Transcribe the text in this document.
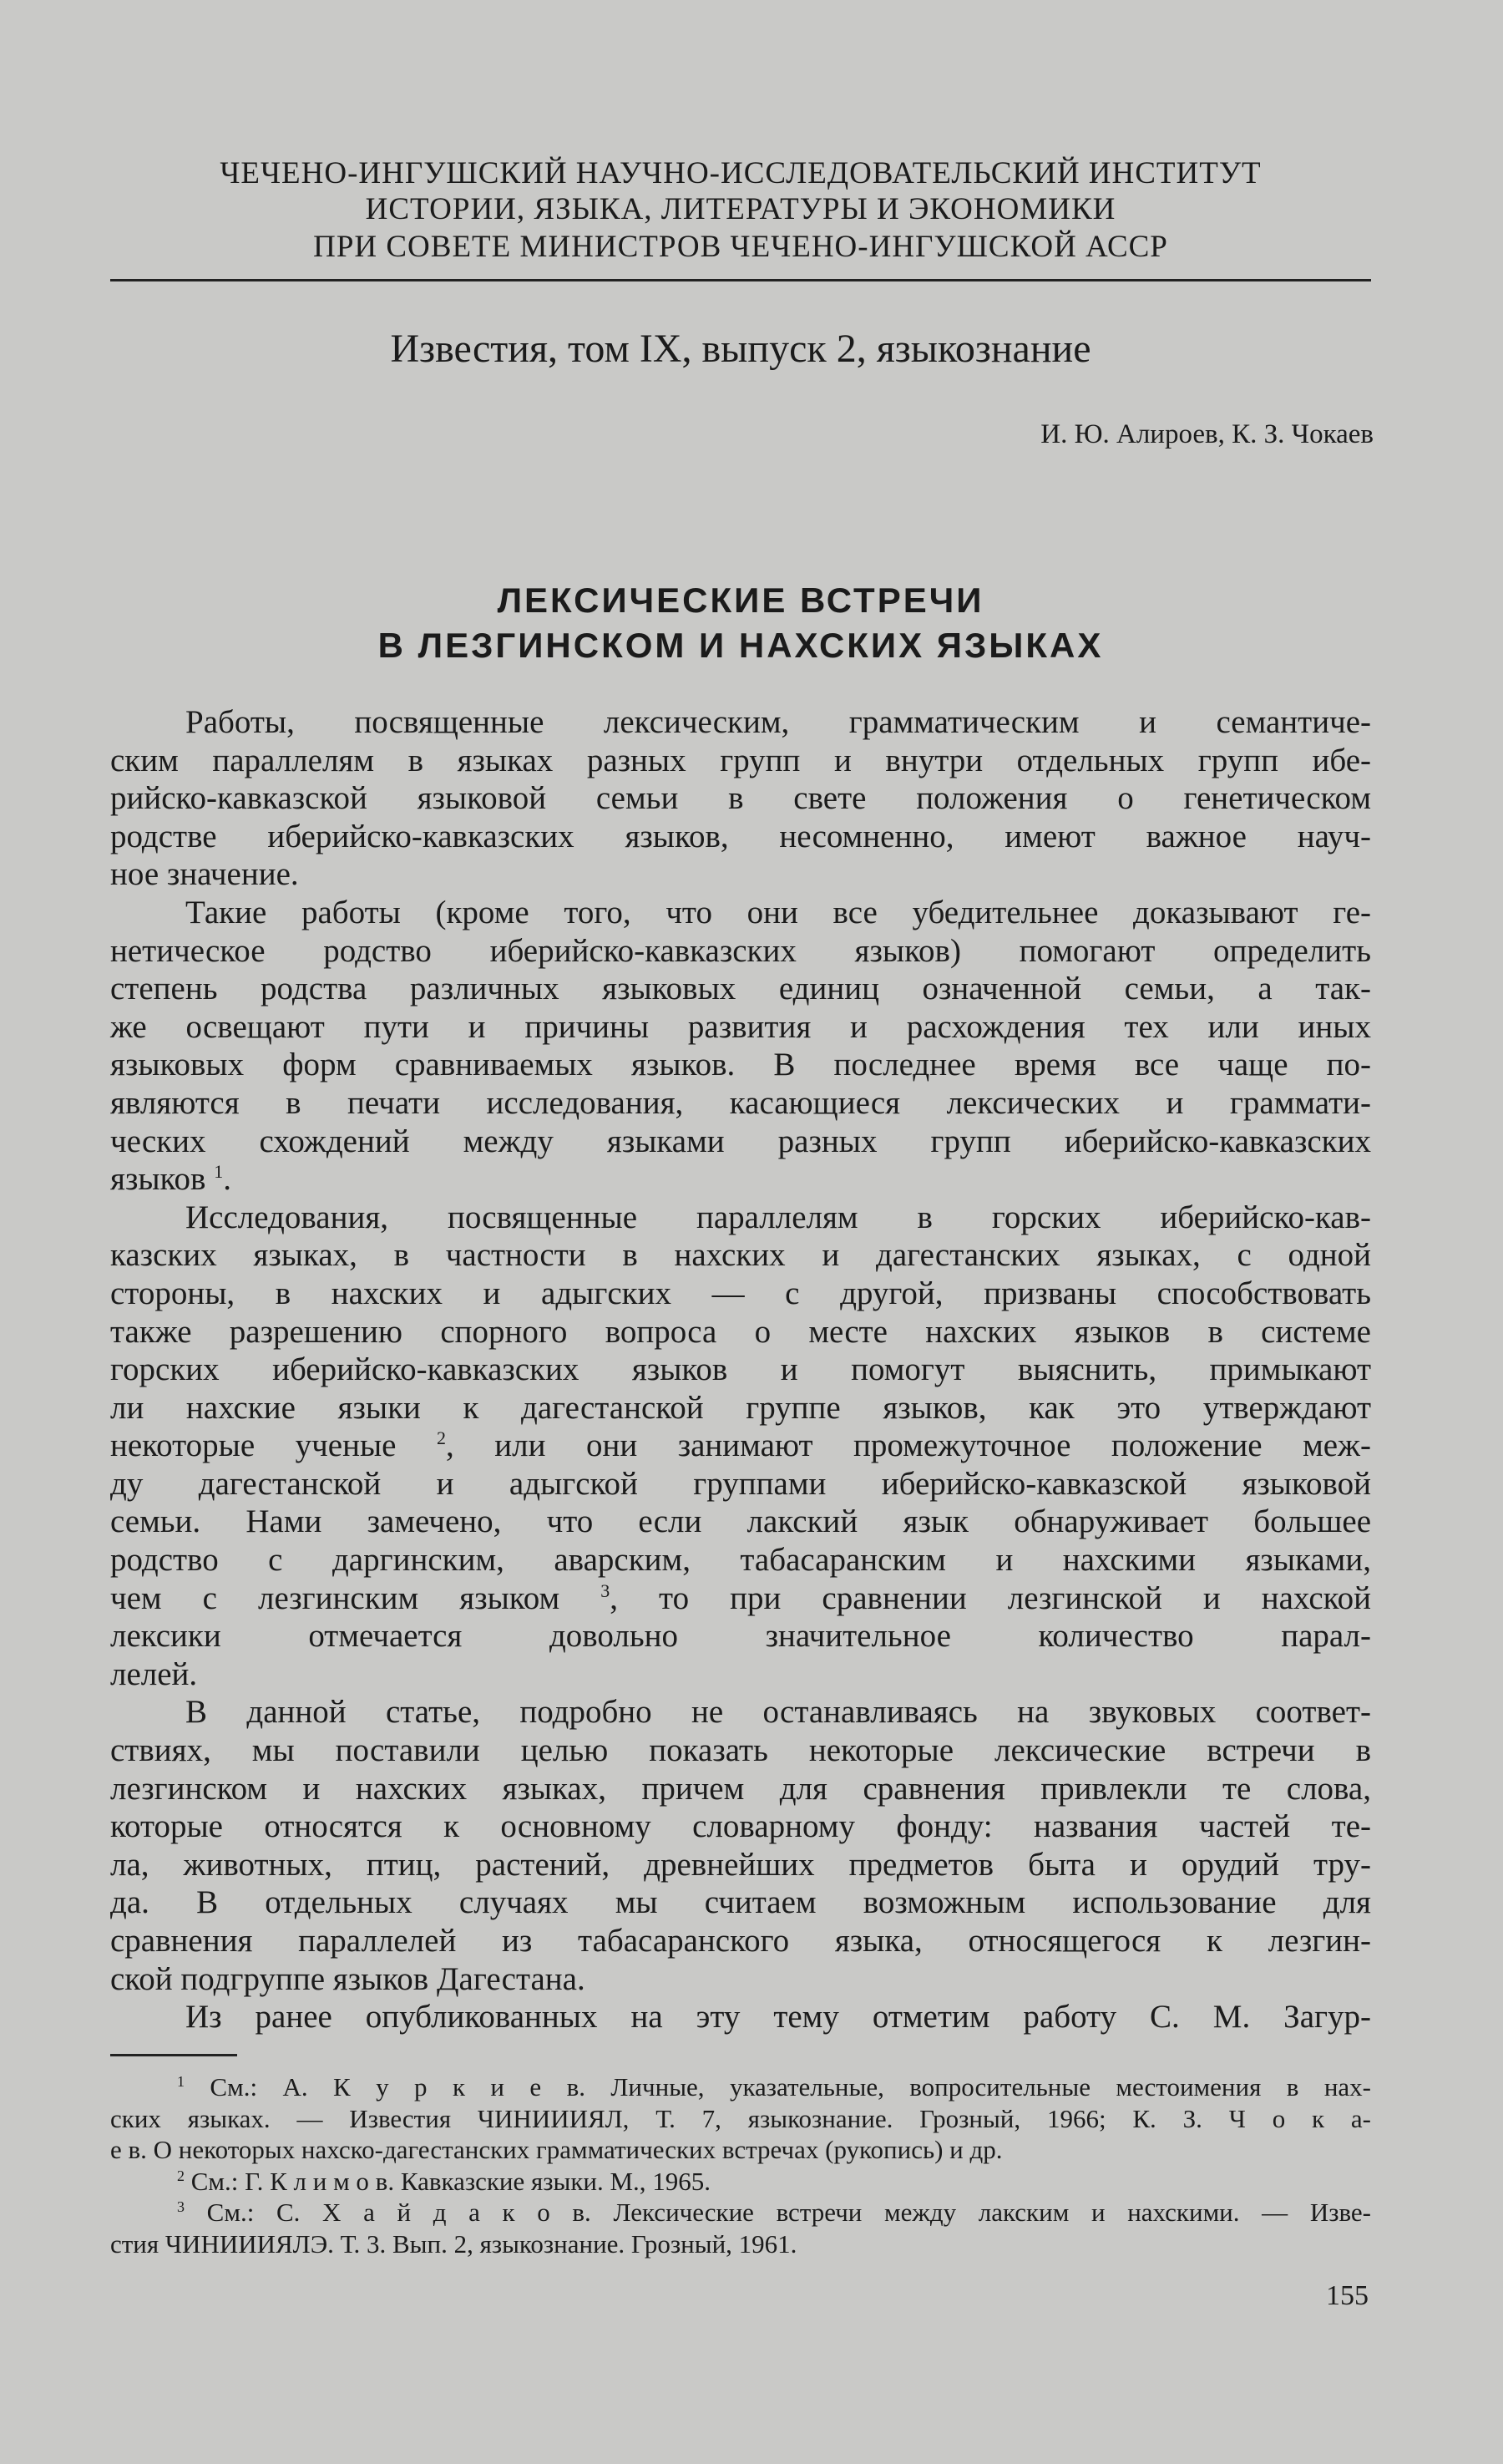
ЧЕЧЕНО-ИНГУШСКИЙ НАУЧНО-ИССЛЕДОВАТЕЛЬСКИЙ ИНСТИТУТ
ИСТОРИИ, ЯЗЫКА, ЛИТЕРАТУРЫ И ЭКОНОМИКИ
ПРИ СОВЕТЕ МИНИСТРОВ ЧЕЧЕНО-ИНГУШСКОЙ АССР
Известия, том IX, выпуск 2, языкознание
И. Ю. Алироев, К. З. Чокаев
ЛЕКСИЧЕСКИЕ ВСТРЕЧИ
В ЛЕЗГИНСКОМ И НАХСКИХ ЯЗЫКАХ
Работы, посвященные лексическим, грамматическим и семантиче-
ским параллелям в языках разных групп и внутри отдельных групп ибе-
рийско-кавказской языковой семьи в свете положения о генетическом
родстве иберийско-кавказских языков, несомненно, имеют важное науч-
ное значение.
Такие работы (кроме того, что они все убедительнее доказывают ге-
нетическое родство иберийско-кавказских языков) помогают определить
степень родства различных языковых единиц означенной семьи, а так-
же освещают пути и причины развития и расхождения тех или иных
языковых форм сравниваемых языков. В последнее время все чаще по-
являются в печати исследования, касающиеся лексических и граммати-
ческих схождений между языками разных групп иберийско-кавказских
языков $^1$.
Исследования, посвященные параллелям в горских иберийско-кав-
казских языках, в частности в нахских и дагестанских языках, с одной
стороны, в нахских и адыгских — с другой, призваны способствовать
также разрешению спорного вопроса о месте нахских языков в системе
горских иберийско-кавказских языков и помогут выяснить, примыкают
ли нахские языки к дагестанской группе языков, как это утверждают
некоторые ученые $^2$, или они занимают промежуточное положение меж-
ду дагестанской и адыгской группами иберийско-кавказской языковой
семьи. Нами замечено, что если лакский язык обнаруживает большее
родство с даргинским, аварским, табасаранским и нахскими языками,
чем с лезгинским языком $^3$, то при сравнении лезгинской и нахской
лексики отмечается довольно значительное количество парал-
лелей.
В данной статье, подробно не останавливаясь на звуковых соответ-
ствиях, мы поставили целью показать некоторые лексические встречи в
лезгинском и нахских языках, причем для сравнения привлекли те слова,
которые относятся к основному словарному фонду: названия частей те-
ла, животных, птиц, растений, древнейших предметов быта и орудий тру-
да. В отдельных случаях мы считаем возможным использование для
сравнения параллелей из табасаранского языка, относящегося к лезгин-
ской подгруппе языков Дагестана.
Из ранее опубликованных на эту тему отметим работу С. М. Загур-
$^1$ См.: А. К у р к и е в. Личные, указательные, вопросительные местоимения в нах-
ских языках. — Известия ЧИНИИИЯЛ, Т. 7, языкознание. Грозный, 1966; К. З. Ч о к а-
е в. О некоторых нахско-дагестанских грамматических встречах (рукопись) и др.
$^2$ См.: Г. К л и м о в. Кавказские языки. М., 1965.
$^3$ См.: С. Х а й д а к о в. Лексические встречи между лакским и нахскими. — Изве-
стия ЧИНИИИЯЛЭ. Т. 3. Вып. 2, языкознание. Грозный, 1961.
155
